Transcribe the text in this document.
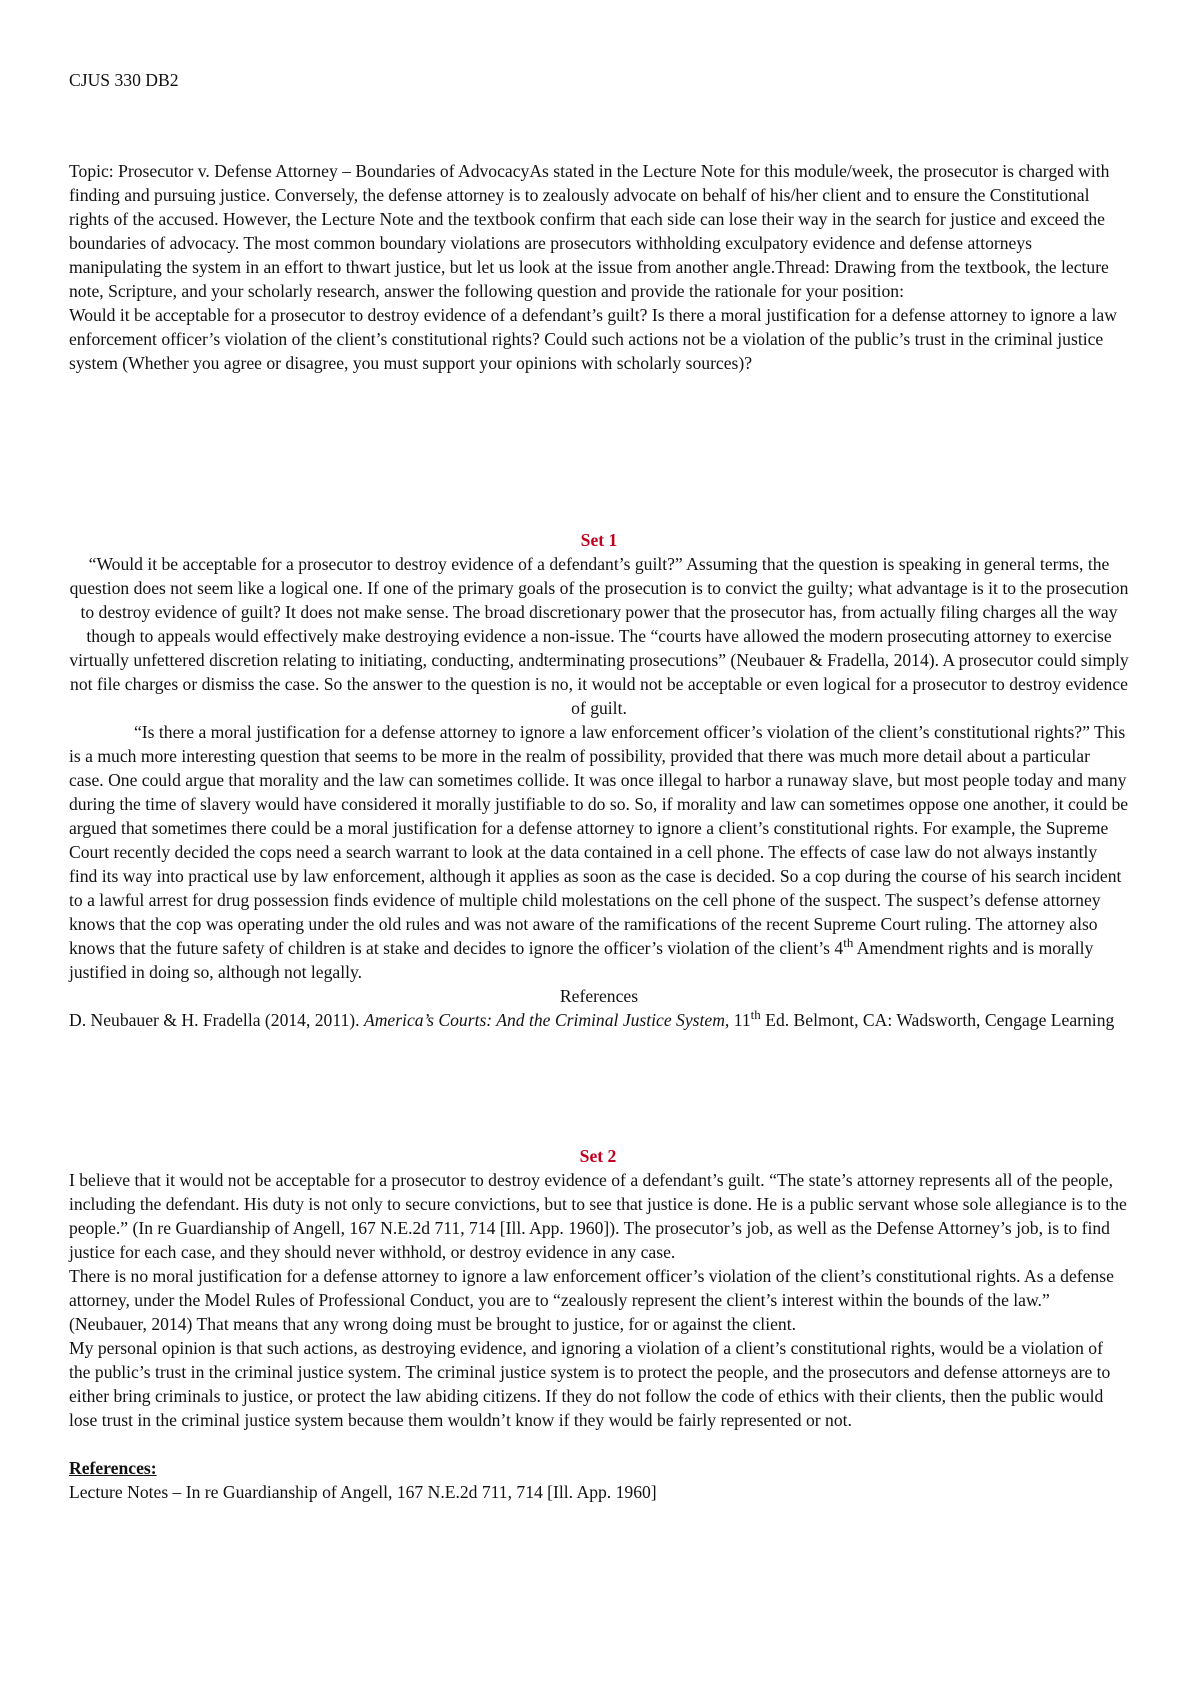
CJUS 330 DB2

Topic: Prosecutor v. Defense Attorney – Boundaries of AdvocacyAs stated in the Lecture Note for this module/week, the prosecutor is charged with finding and pursuing justice. Conversely, the defense attorney is to zealously advocate on behalf of his/her client and to ensure the Constitutional rights of the accused. However, the Lecture Note and the textbook confirm that each side can lose their way in the search for justice and exceed the boundaries of advocacy. The most common boundary violations are prosecutors withholding exculpatory evidence and defense attorneys manipulating the system in an effort to thwart justice, but let us look at the issue from another angle.Thread: Drawing from the textbook, the lecture note, Scripture, and your scholarly research, answer the following question and provide the rationale for your position:

Would it be acceptable for a prosecutor to destroy evidence of a defendant’s guilt? Is there a moral justification for a defense attorney to ignore a law enforcement officer’s violation of the client’s constitutional rights? Could such actions not be a violation of the public’s trust in the criminal justice system (Whether you agree or disagree, you must support your opinions with scholarly sources)?

Set 1

“Would it be acceptable for a prosecutor to destroy evidence of a defendant’s guilt?” Assuming that the question is speaking in general terms, the question does not seem like a logical one. If one of the primary goals of the prosecution is to convict the guilty; what advantage is it to the prosecution to destroy evidence of guilt? It does not make sense. The broad discretionary power that the prosecutor has, from actually filing charges all the way though to appeals would effectively make destroying evidence a non-issue. The “courts have allowed the modern prosecuting attorney to exercise virtually unfettered discretion relating to initiating, conducting, andterminating prosecutions” (Neubauer & Fradella, 2014). A prosecutor could simply not file charges or dismiss the case. So the answer to the question is no, it would not be acceptable or even logical for a prosecutor to destroy evidence of guilt.

“Is there a moral justification for a defense attorney to ignore a law enforcement officer’s violation of the client’s constitutional rights?” This is a much more interesting question that seems to be more in the realm of possibility, provided that there was much more detail about a particular case. One could argue that morality and the law can sometimes collide. It was once illegal to harbor a runaway slave, but most people today and many during the time of slavery would have considered it morally justifiable to do so. So, if morality and law can sometimes oppose one another, it could be argued that sometimes there could be a moral justification for a defense attorney to ignore a client’s constitutional rights. For example, the Supreme Court recently decided the cops need a search warrant to look at the data contained in a cell phone. The effects of case law do not always instantly find its way into practical use by law enforcement, although it applies as soon as the case is decided. So a cop during the course of his search incident to a lawful arrest for drug possession finds evidence of multiple child molestations on the cell phone of the suspect. The suspect’s defense attorney knows that the cop was operating under the old rules and was not aware of the ramifications of the recent Supreme Court ruling. The attorney also knows that the future safety of children is at stake and decides to ignore the officer’s violation of the client’s 4th Amendment rights and is morally justified in doing so, although not legally.

References

D. Neubauer & H. Fradella (2014, 2011). America’s Courts: And the Criminal Justice System, 11th Ed. Belmont, CA: Wadsworth, Cengage Learning

Set 2

I believe that it would not be acceptable for a prosecutor to destroy evidence of a defendant’s guilt. “The state’s attorney represents all of the people, including the defendant. His duty is not only to secure convictions, but to see that justice is done. He is a public servant whose sole allegiance is to the people.” (In re Guardianship of Angell, 167 N.E.2d 711, 714 [Ill. App. 1960]). The prosecutor’s job, as well as the Defense Attorney’s job, is to find justice for each case, and they should never withhold, or destroy evidence in any case.

There is no moral justification for a defense attorney to ignore a law enforcement officer’s violation of the client’s constitutional rights. As a defense attorney, under the Model Rules of Professional Conduct, you are to “zealously represent the client’s interest within the bounds of the law.” (Neubauer, 2014) That means that any wrong doing must be brought to justice, for or against the client.

My personal opinion is that such actions, as destroying evidence, and ignoring a violation of a client’s constitutional rights, would be a violation of the public’s trust in the criminal justice system. The criminal justice system is to protect the people, and the prosecutors and defense attorneys are to either bring criminals to justice, or protect the law abiding citizens. If they do not follow the code of ethics with their clients, then the public would lose trust in the criminal justice system because them wouldn’t know if they would be fairly represented or not.

References:

Lecture Notes – In re Guardianship of Angell, 167 N.E.2d 711, 714 [Ill. App. 1960]
